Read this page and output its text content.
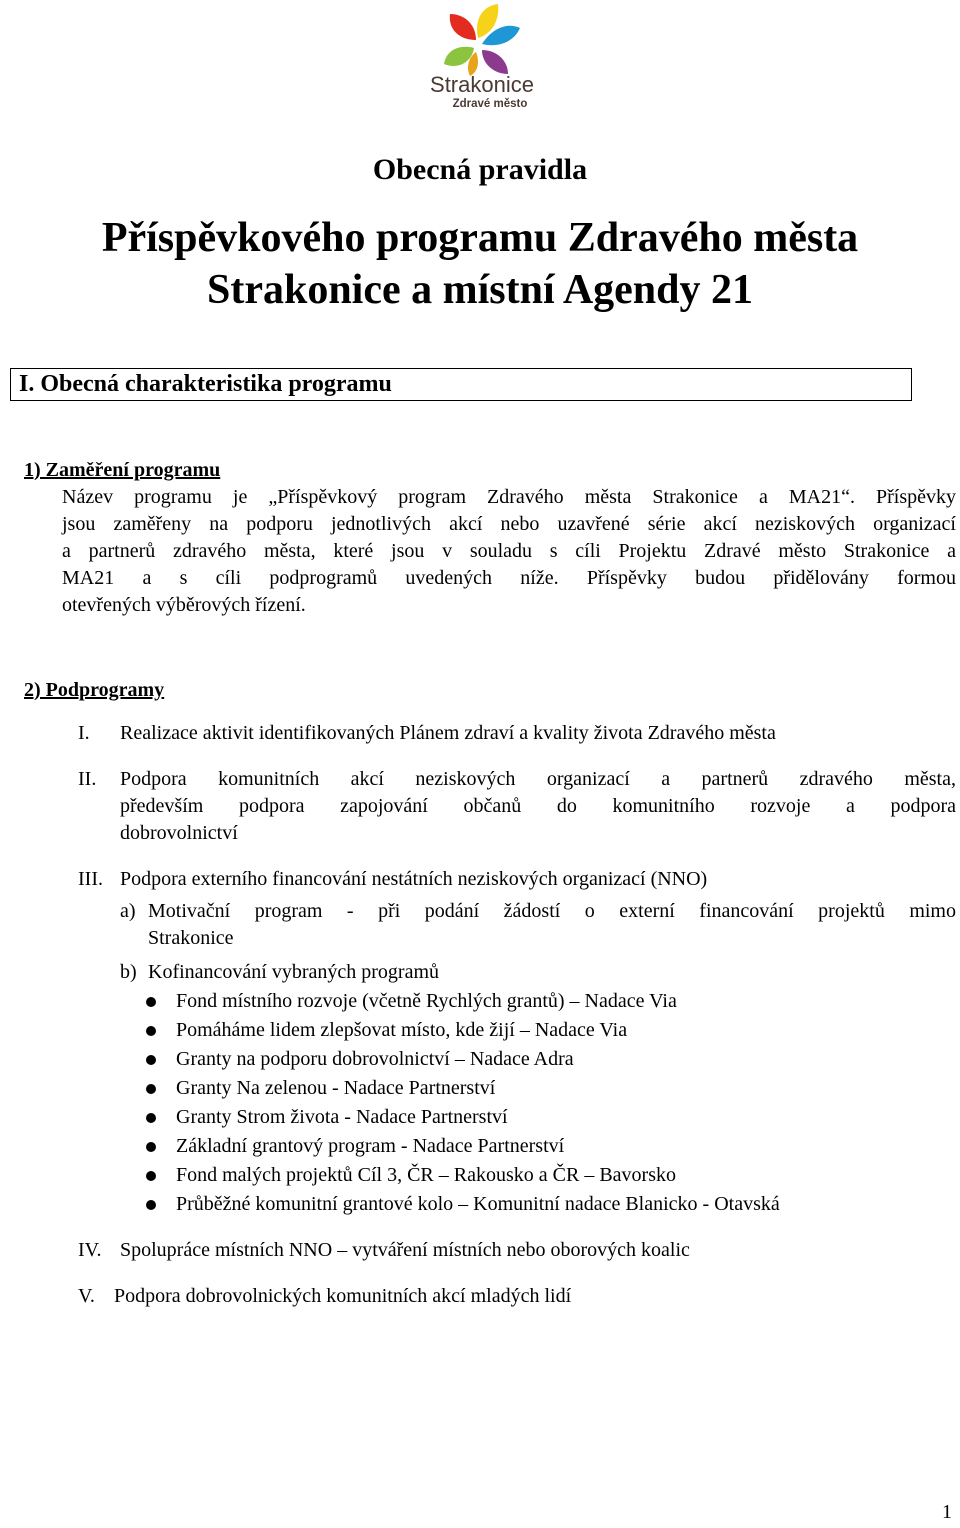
Strakonice
Zdravé město
Obecná pravidla
Příspěvkového programu Zdravého města
Strakonice a místní Agendy 21
I. Obecná charakteristika programu
1) Zaměření programu
Název programu je „Příspěvkový program Zdravého města Strakonice a MA21“. Příspěvky
jsou zaměřeny na podporu jednotlivých akcí nebo uzavřené série akcí neziskových organizací
a partnerů zdravého města, které jsou v souladu s cíli Projektu Zdravé město Strakonice a
MA21 a s cíli podprogramů uvedených níže. Příspěvky budou přidělovány formou
otevřených výběrových řízení.
2) Podprogramy
I. Realizace aktivit identifikovaných Plánem zdraví a kvality života Zdravého města
II. Podpora komunitních akcí neziskových organizací a partnerů zdravého města,
především podpora zapojování občanů do komunitního rozvoje a podpora
dobrovolnictví
III. Podpora externího financování nestátních neziskových organizací (NNO)
a) Motivační program - při podání žádostí o externí financování projektů mimo
Strakonice
b) Kofinancování vybraných programů
Fond místního rozvoje (včetně Rychlých grantů) – Nadace Via
Pomáháme lidem zlepšovat místo, kde žijí – Nadace Via
Granty na podporu dobrovolnictví – Nadace Adra
Granty Na zelenou - Nadace Partnerství
Granty Strom života - Nadace Partnerství
Základní grantový program - Nadace Partnerství
Fond malých projektů Cíl 3, ČR – Rakousko a ČR – Bavorsko
Průběžné komunitní grantové kolo – Komunitní nadace Blanicko - Otavská
IV. Spolupráce místních NNO – vytváření místních nebo oborových koalic
V. Podpora dobrovolnických komunitních akcí mladých lidí
1
